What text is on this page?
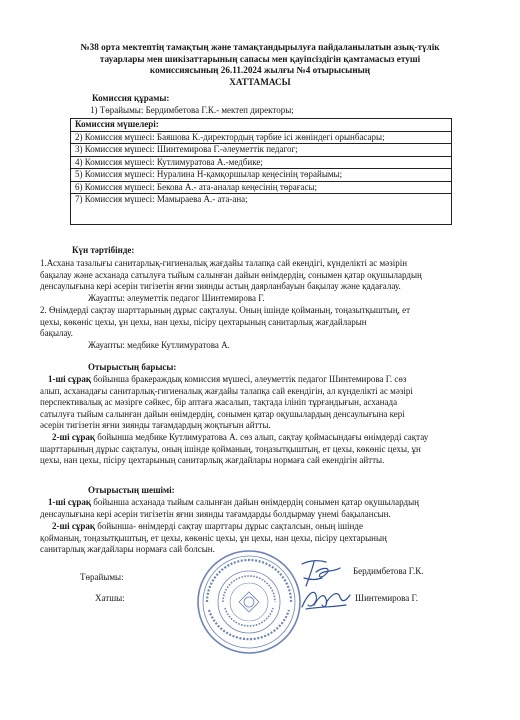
№38 орта мектептің тамақтың және тамақтандырылуға пайдаланылатын азық-түлік
тауарлары мен шикізаттарының сапасы мен қауіпсіздігін қамтамасыз етуші
комиссиясының 26.11.2024 жылғы №4 отырысының
ХАТТАМАСЫ
Комиссия құрамы:
1) Төрайымы: Бердимбетова Г.К.- мектеп директоры;
Комиссия мүшелері:
2) Комиссия мүшесі: Баяшова К.-директордың тәрбие ісі жөніндегі орынбасары;
3) Комиссия мүшесі: Шинтемирова Г.-әлеуметтік педагог;
4) Комиссия мүшесі: Кутлимуратова А.-медбике;
5) Комиссия мүшесі: Нуралина Н-қамқоршылар кеңесінің төрайымы;
6) Комиссия мүшесі: Бекова А.- ата-аналар кеңесінің төрағасы;
7) Комиссия мүшесі: Мамыраева А.- ата-ана;
Күн тәртібінде:
1.Асхана тазалығы санитарлық-гигиеналық жағдайы талапқа сай екендігі, күнделікті ас мәзірін
бақылау және асханада сатылуға тыйым салынған дайын өнімдердің, сонымен қатар оқушылардың
денсаулығына кері әсерін тигізетін яғни зиянды астың даярланбауын бақылау және қадағалау.
Жауапты: әлеуметтік педагог Шинтемирова Г.
2. Өнімдерді сақтау шарттарының дұрыс сақталуы. Оның ішінде қойманың, тоңазытқыштың, ет
цехы, көкөніс цехы, ұн цехы, нан цехы, пісіру цехтарының санитарлық жағдайларын
бақылау.
Жауапты: медбике Кутлимуратова А.
Отырыстың барысы:
1-ші сұрақ бойынша бракераждық комиссия мүшесі, әлеуметтік педагог Шинтемирова Г. сөз
алып, асханадағы санитарлық-гигиеналық жағдайы талапқа сай екендігін, ал күнделікті ас мәзірі
перспективалық ас мәзірге сәйкес, бір аптаға жасалып, тақтада ілініп тұрғандығын, асханада
сатылуға тыйым салынған дайын өнімдердің, сонымен қатар оқушылардың денсаулығына кері
әсерін тигізетін яғни зиянды тағамдардың жоқтығын айтты.
2-ші сұрақ бойынша медбике Кутлимуратова А. сөз алып, сақтау қоймасындағы өнімдерді сақтау
шарттарының дұрыс сақталуы, оның ішінде қойманың, тоңазытқыштың, ет цехы, көкөніс цехы, ұн
цехы, нан цехы, пісіру цехтарының санитарлық жағдайлары нормаға сай екендігін айтты.
Отырыстың шешімі:
1-ші сұрақ бойынша асханада тыйым салынған дайын өнімдердің сонымен қатар оқушылардың
денсаулығына кері әсерін тигізетін яғни зиянды тағамдарды болдырмау үнемі бақылансын.
2-ші сұрақ бойынша- өнімдерді сақтау шарттары дұрыс сақталсын, оның ішінде
қойманың, тоңазытқыштың, ет цехы, көкөніс цехы, ұн цехы, нан цехы, пісіру цехтарының
санитарлық жағдайлары нормаға сай болсын.
Төрайымы:
Бердимбетова Г.К.
Хатшы:	Шинтемирова Г.
